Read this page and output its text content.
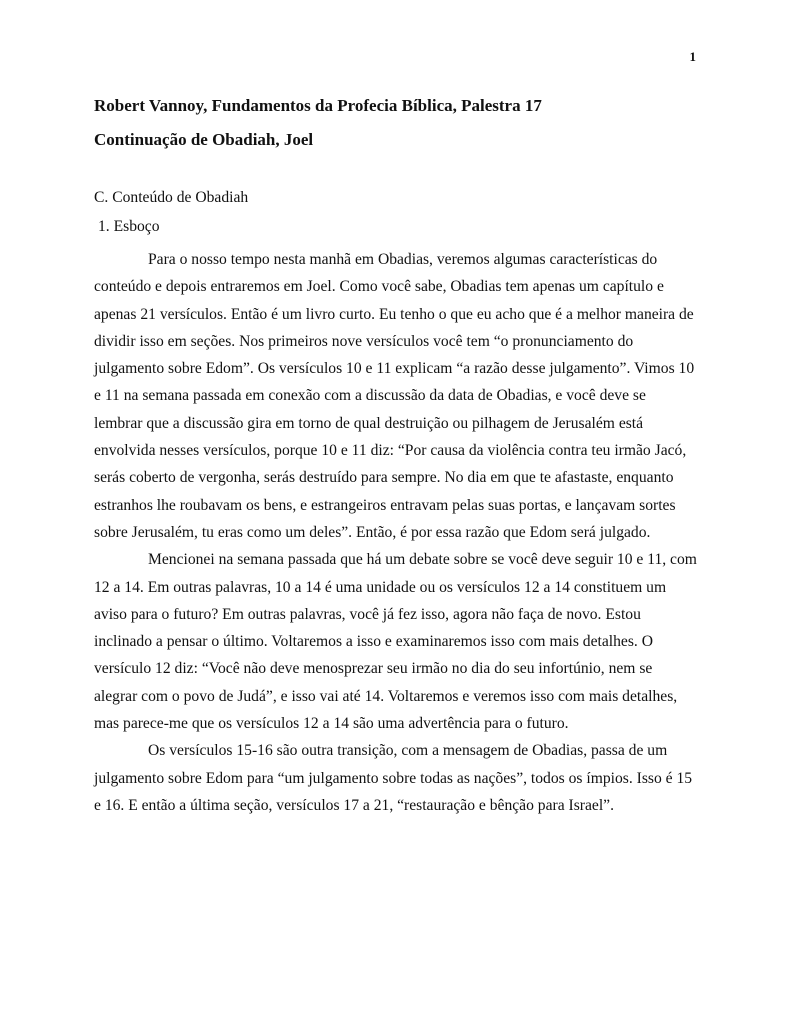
1
Robert Vannoy, Fundamentos da Profecia Bíblica, Palestra 17
Continuação de Obadiah, Joel
C. Conteúdo de Obadiah
1. Esboço

Para o nosso tempo nesta manhã em Obadias, veremos algumas características do conteúdo e depois entraremos em Joel. Como você sabe, Obadias tem apenas um capítulo e apenas 21 versículos. Então é um livro curto. Eu tenho o que eu acho que é a melhor maneira de dividir isso em seções. Nos primeiros nove versículos você tem “o pronunciamento do julgamento sobre Edom”. Os versículos 10 e 11 explicam “a razão desse julgamento”. Vimos 10 e 11 na semana passada em conexão com a discussão da data de Obadias, e você deve se lembrar que a discussão gira em torno de qual destruição ou pilhagem de Jerusalém está envolvida nesses versículos, porque 10 e 11 diz: “Por causa da violência contra teu irmão Jacó, serás coberto de vergonha, serás destruído para sempre. No dia em que te afastaste, enquanto estranhos lhe roubavam os bens, e estrangeiros entravam pelas suas portas, e lançavam sortes sobre Jerusalém, tu eras como um deles”. Então, é por essa razão que Edom será julgado.

Mencionei na semana passada que há um debate sobre se você deve seguir 10 e 11, com 12 a 14. Em outras palavras, 10 a 14 é uma unidade ou os versículos 12 a 14 constituem um aviso para o futuro? Em outras palavras, você já fez isso, agora não faça de novo. Estou inclinado a pensar o último. Voltaremos a isso e examinaremos isso com mais detalhes. O versículo 12 diz: “Você não deve menosprezar seu irmão no dia do seu infortúnio, nem se alegrar com o povo de Judá”, e isso vai até 14. Voltaremos e veremos isso com mais detalhes, mas parece-me que os versículos 12 a 14 são uma advertência para o futuro.

Os versículos 15-16 são outra transição, com a mensagem de Obadias, passa de um julgamento sobre Edom para “um julgamento sobre todas as nações”, todos os ímpios. Isso é 15 e 16. E então a última seção, versículos 17 a 21, “restauração e bênção para Israel”.
